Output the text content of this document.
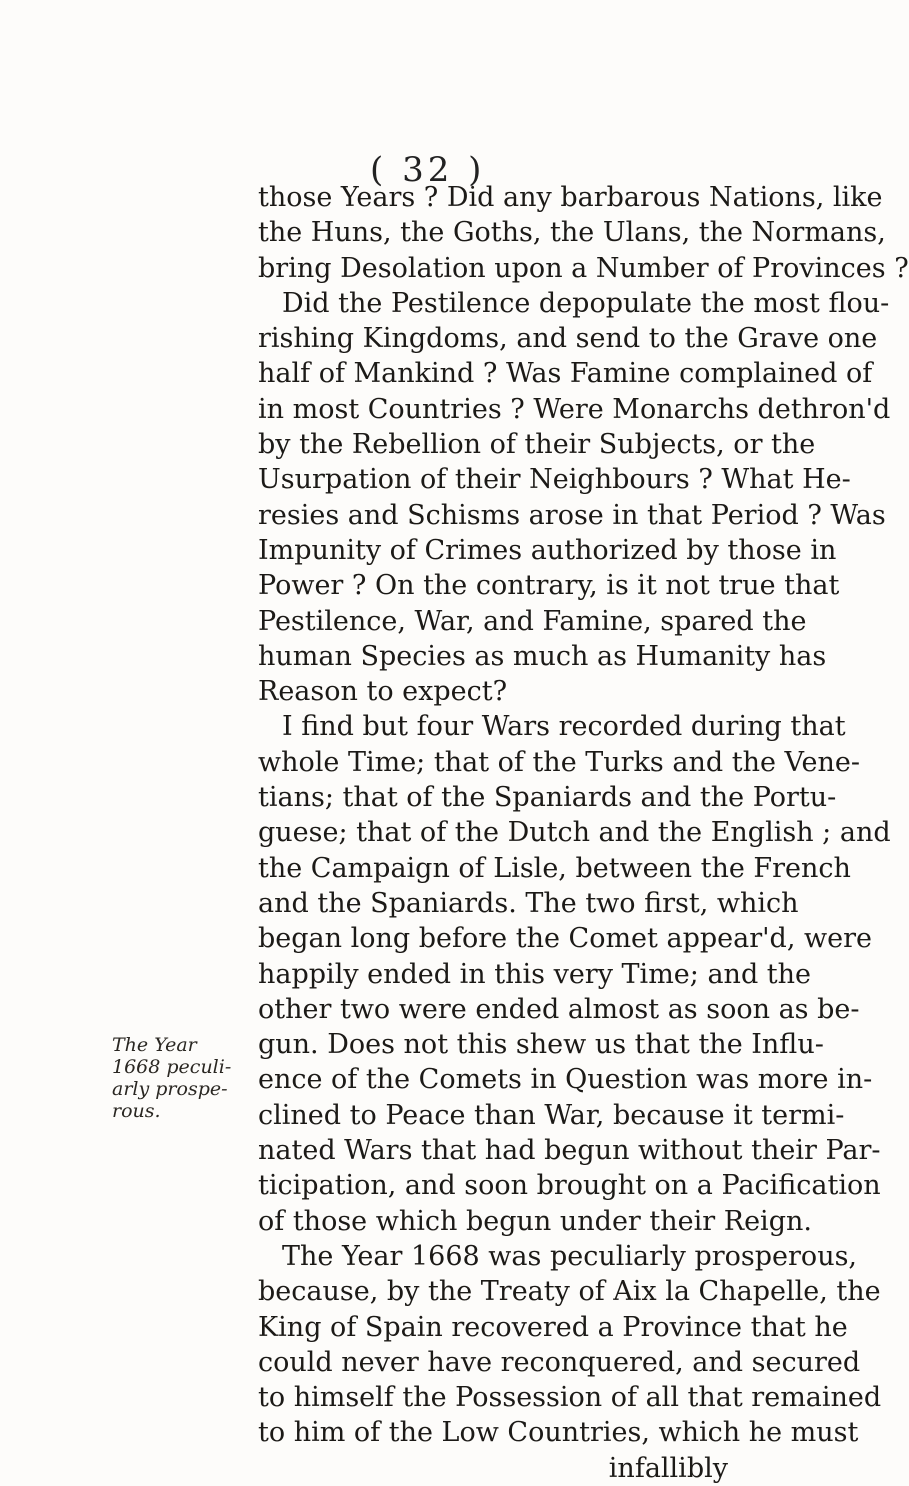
( 32 )
The Year
1668 peculi-
arly prospe-
rous.
those Years ? Did any barbarous Nations, like
the Huns, the Goths, the Ulans, the Normans,
bring Desolation upon a Number of Provinces ?
Did the Pestilence depopulate the most flou-
rishing Kingdoms, and send to the Grave one
half of Mankind ? Was Famine complained of
in most Countries ? Were Monarchs dethron'd
by the Rebellion of their Subjects, or the
Usurpation of their Neighbours ? What He-
resies and Schisms arose in that Period ? Was
Impunity of Crimes authorized by those in
Power ? On the contrary, is it not true that
Pestilence, War, and Famine, spared the
human Species as much as Humanity has
Reason to expect?
I find but four Wars recorded during that
whole Time; that of the Turks and the Vene-
tians; that of the Spaniards and the Portu-
guese; that of the Dutch and the English ; and
the Campaign of Lisle, between the French
and the Spaniards. The two first, which
began long before the Comet appear'd, were
happily ended in this very Time; and the
other two were ended almost as soon as be-
gun. Does not this shew us that the Influ-
ence of the Comets in Question was more in-
clined to Peace than War, because it termi-
nated Wars that had begun without their Par-
ticipation, and soon brought on a Pacification
of those which begun under their Reign.
The Year 1668 was peculiarly prosperous,
because, by the Treaty of Aix la Chapelle, the
King of Spain recovered a Province that he
could never have reconquered, and secured
to himself the Possession of all that remained
to him of the Low Countries, which he must
infallibly
